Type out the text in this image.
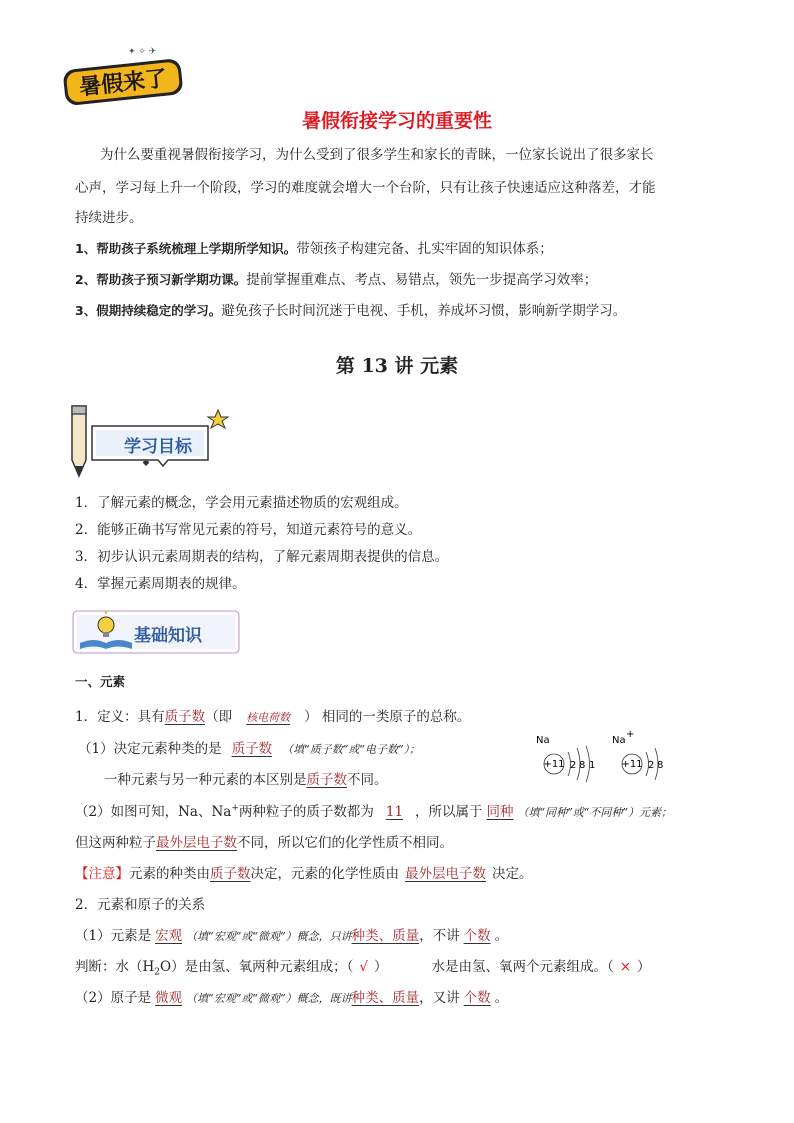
✦ ✧ ✈
暑假来了
暑假衔接学习的重要性
为什么要重视暑假衔接学习，为什么受到了很多学生和家长的青睐，一位家长说出了很多家长
心声，学习每上升一个阶段，学习的难度就会增大一个台阶，只有让孩子快速适应这种落差，才能
持续进步。
1、帮助孩子系统梳理上学期所学知识。带领孩子构建完备、扎实牢固的知识体系；
2、帮助孩子预习新学期功课。提前掌握重难点、考点、易错点，领先一步提高学习效率；
3、假期持续稳定的学习。避免孩子长时间沉迷于电视、手机，养成坏习惯，影响新学期学习。
第 13 讲 元素
学习目标
1．了解元素的概念，学会用元素描述物质的宏观组成。
2．能够正确书写常见元素的符号，知道元素符号的意义。
3．初步认识元素周期表的结构，了解元素周期表提供的信息。
4．掌握元素周期表的规律。
基础知识
一、元素
1．定义：具有质子数（即 核电荷数 ） 相同的一类原子的总称。
（1）决定元素种类的是 质子数 （填“质子数”或“电子数”）；
一种元素与另一种元素的本区别是质子数不同。
Na
+11 2 8 1
Na
+
+11 2 8
（2）如图可知，Na、Na+两种粒子的质子数都为 11 ，所以属于 同种 （填“同种”或“不同种”）元素；
但这两种粒子最外层电子数不同，所以它们的化学性质不相同。
【注意】元素的种类由质子数决定，元素的化学性质由 最外层电子数 决定。
2．元素和原子的关系
（1）元素是 宏观 （填“宏观”或“微观”）概念，只讲种类、质量，不讲 个数 。
判断：水$(H_2O)$是由氢、氧两种元素组成；（ √ ）	水是由氢、氧两个元素组成。（ × ）
（2）原子是 微观 （填“宏观”或“微观”）概念，既讲种类、质量，又讲 个数 。
